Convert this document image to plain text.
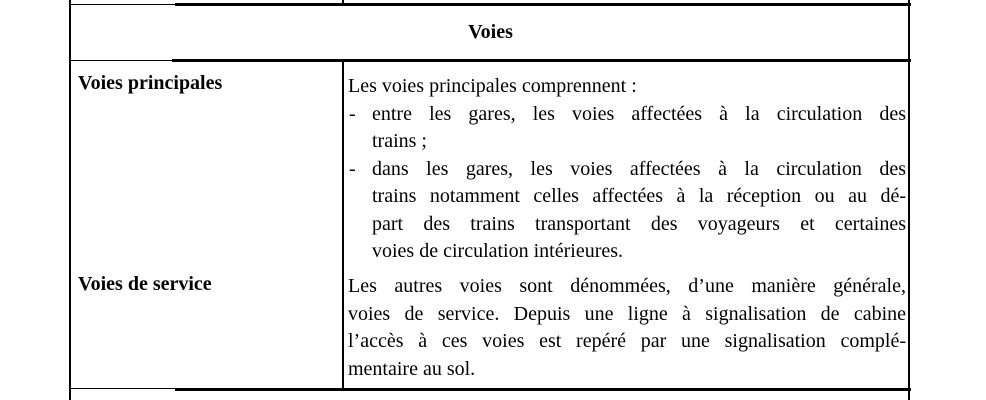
Voies
Voies principales
Voies de service
Les voies principales comprennent :
- entre les gares, les voies affectées à la circulation des
trains ;
- dans les gares, les voies affectées à la circulation des
trains notamment celles affectées à la réception ou au dé-
part des trains transportant des voyageurs et certaines
voies de circulation intérieures.
Les autres voies sont dénommées, d’une manière générale,
voies de service. Depuis une ligne à signalisation de cabine
l’accès à ces voies est repéré par une signalisation complé-
mentaire au sol.
